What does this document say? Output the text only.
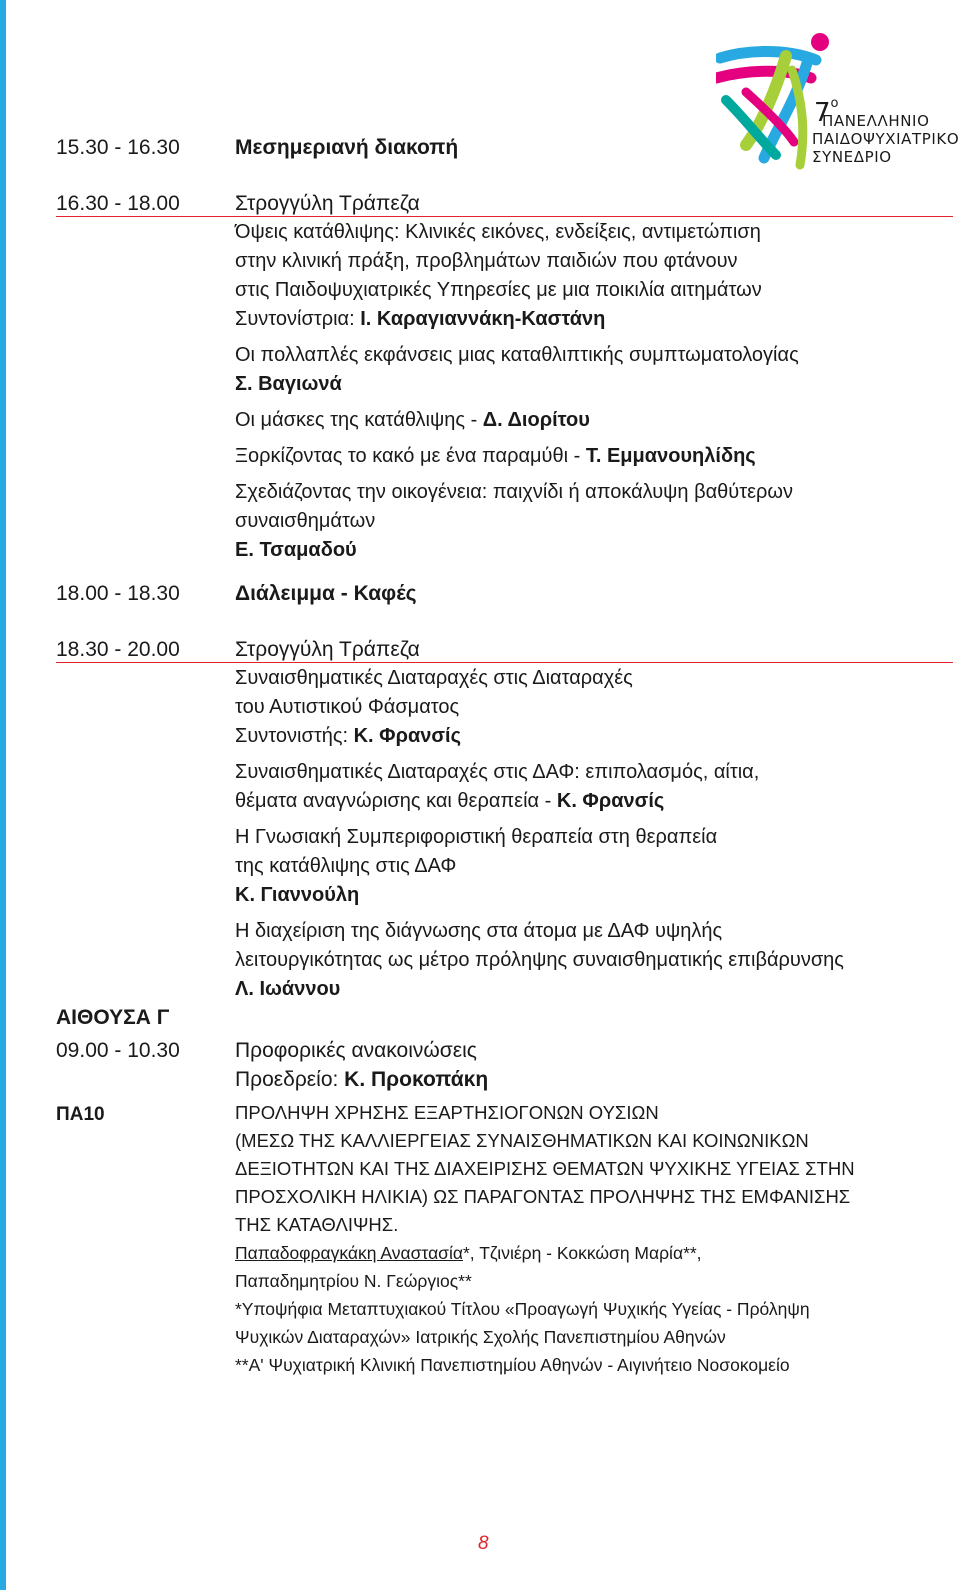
$7^o$
ΠΑΝΕΛΛΗΝΙΟ
ΠΑΙΔΟΨΥΧΙΑΤΡΙΚΟ
ΣΥΝΕΔΡΙΟ
15.30 - 16.30	Μεσημεριανή διακοπή
16.30 - 18.00	Στρογγύλη Τράπεζα
Όψεις κατάθλιψης: Κλινικές εικόνες, ενδείξεις, αντιμετώπιση
στην κλινική πράξη, προβλημάτων παιδιών που φτάνουν
στις Παιδοψυχιατρικές Υπηρεσίες με μια ποικιλία αιτημάτων
Συντονίστρια: Ι. Καραγιαννάκη-Καστάνη
Οι πολλαπλές εκφάνσεις μιας καταθλιπτικής συμπτωματολογίας
Σ. Βαγιωνά
Οι μάσκες της κατάθλιψης - Δ. Διορίτου
Ξορκίζοντας το κακό με ένα παραμύθι - Τ. Εμμανουηλίδης
Σχεδιάζοντας την οικογένεια: παιχνίδι ή αποκάλυψη βαθύτερων
συναισθημάτων
Ε. Τσαμαδού
18.00 - 18.30	Διάλειμμα - Καφές
18.30 - 20.00	Στρογγύλη Τράπεζα
Συναισθηματικές Διαταραχές στις Διαταραχές
του Αυτιστικού Φάσματος
Συντονιστής: Κ. Φρανσίς
Συναισθηματικές Διαταραχές στις ΔΑΦ: επιπολασμός, αίτια,
θέματα αναγνώρισης και θεραπεία - Κ. Φρανσίς
Η Γνωσιακή Συμπεριφοριστική θεραπεία στη θεραπεία
της κατάθλιψης στις ΔΑΦ
Κ. Γιαννούλη
Η διαχείριση της διάγνωσης στα άτομα με ΔΑΦ υψηλής
λειτουργικότητας ως μέτρο πρόληψης συναισθηματικής επιβάρυνσης
Λ. Ιωάννου
ΑΙΘΟΥΣΑ Γ
09.00 - 10.30	Προφορικές ανακοινώσεις
Προεδρείο: Κ. Προκοπάκη
ΠΑ10	ΠΡΟΛΗΨΗ ΧΡΗΣΗΣ ΕΞΑΡΤΗΣΙΟΓΟΝΩΝ ΟΥΣΙΩΝ
(ΜΕΣΩ ΤΗΣ ΚΑΛΛΙΕΡΓΕΙΑΣ ΣΥΝΑΙΣΘΗΜΑΤΙΚΩΝ ΚΑΙ ΚΟΙΝΩΝΙΚΩΝ
ΔΕΞΙΟΤΗΤΩΝ ΚΑΙ ΤΗΣ ΔΙΑΧΕΙΡΙΣΗΣ ΘΕΜΑΤΩΝ ΨΥΧΙΚΗΣ ΥΓΕΙΑΣ ΣΤΗΝ
ΠΡΟΣΧΟΛΙΚΗ ΗΛΙΚΙΑ) ΩΣ ΠΑΡΑΓΟΝΤΑΣ ΠΡΟΛΗΨΗΣ ΤΗΣ ΕΜΦΑΝΙΣΗΣ
ΤΗΣ ΚΑΤΑΘΛΙΨΗΣ.
Παπαδοφραγκάκη Αναστασία*, Τζινιέρη - Κοκκώση Μαρία**,
Παπαδημητρίου Ν. Γεώργιος**
*Υποψήφια Μεταπτυχιακού Τίτλου «Προαγωγή Ψυχικής Υγείας - Πρόληψη
Ψυχικών Διαταραχών» Ιατρικής Σχολής Πανεπιστημίου Αθηνών
**Α' Ψυχιατρική Κλινική Πανεπιστημίου Αθηνών - Αιγινήτειο Νοσοκομείο
8
